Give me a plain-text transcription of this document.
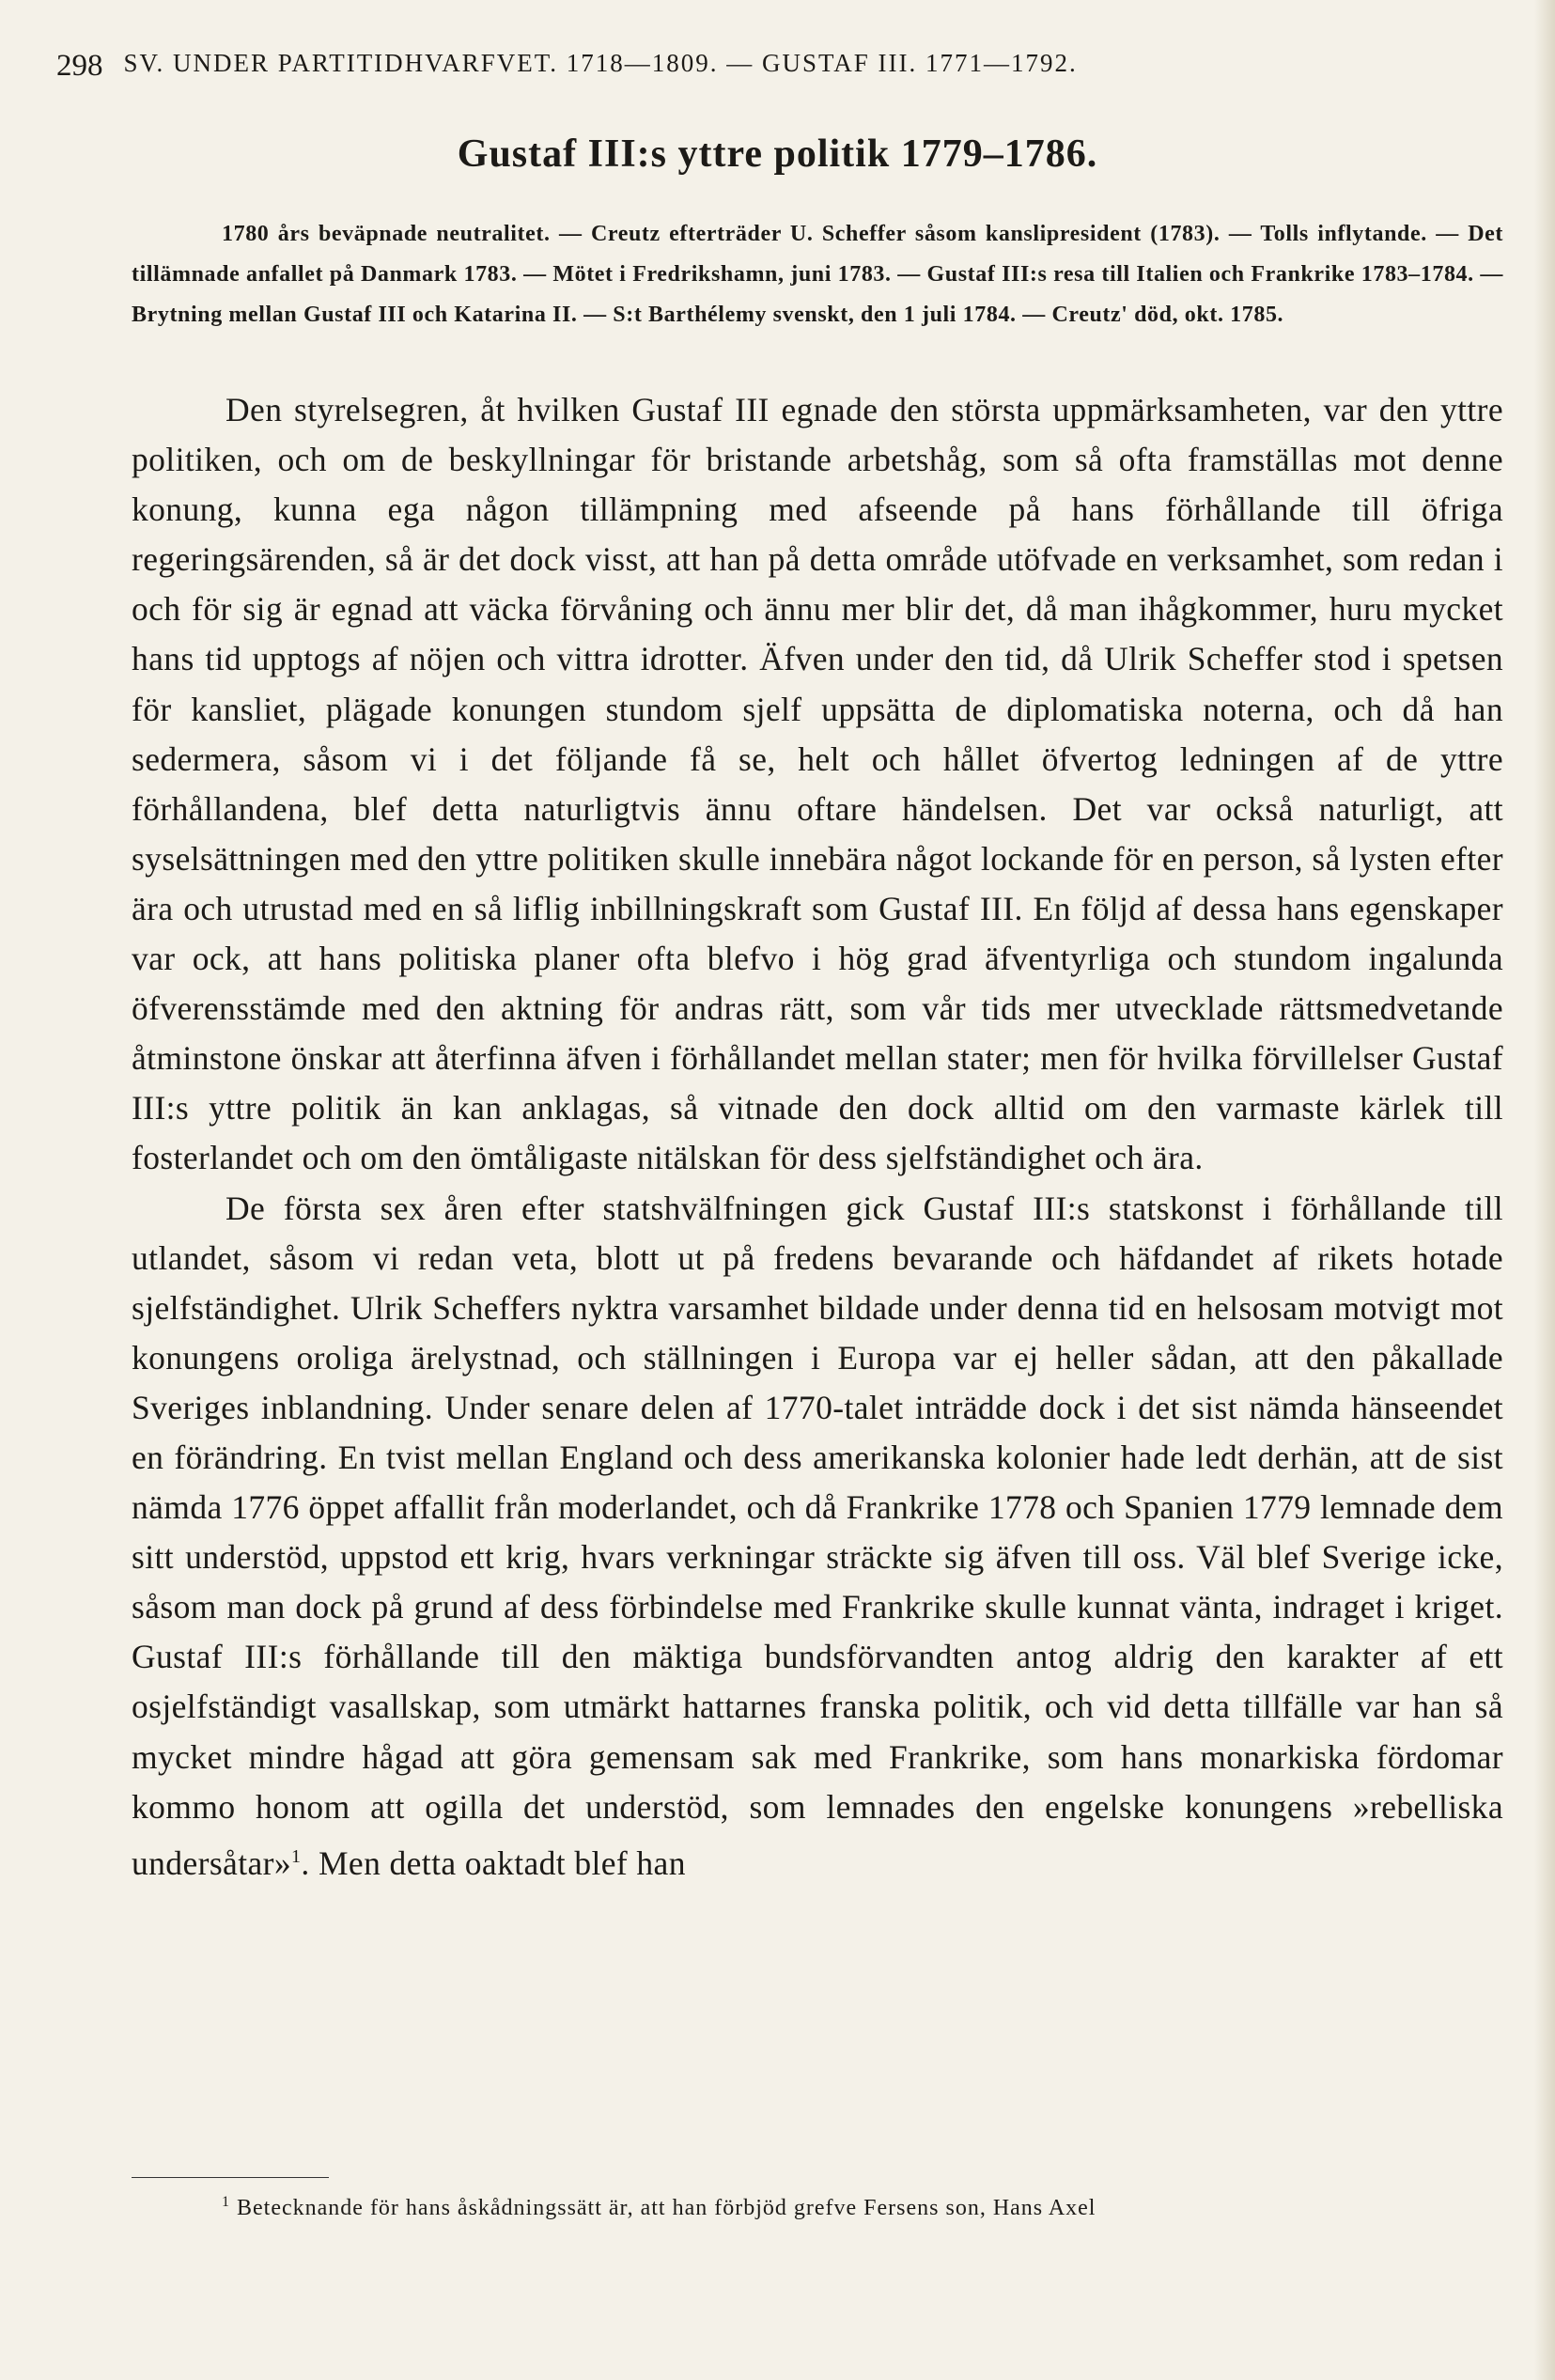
298 SV. UNDER PARTITIDHVARFVET. 1718—1809. — GUSTAF III. 1771—1792.
Gustaf III:s yttre politik 1779–1786.
1780 års beväpnade neutralitet. — Creutz efterträder U. Scheffer såsom kanslipresident (1783). — Tolls inflytande. — Det tillämnade anfallet på Danmark 1783. — Mötet i Fredrikshamn, juni 1783. — Gustaf III:s resa till Italien och Frankrike 1783–1784. — Brytning mellan Gustaf III och Katarina II. — S:t Barthélemy svenskt, den 1 juli 1784. — Creutz' död, okt. 1785.

Den styrelsegren, åt hvilken Gustaf III egnade den största uppmärksamheten, var den yttre politiken, och om de beskyllningar för bristande arbetshåg, som så ofta framställas mot denne konung, kunna ega någon tillämpning med afseende på hans förhållande till öfriga regeringsärenden, så är det dock visst, att han på detta område utöfvade en verksamhet, som redan i och för sig är egnad att väcka förvåning och ännu mer blir det, då man ihågkommer, huru mycket hans tid upptogs af nöjen och vittra idrotter. Äfven under den tid, då Ulrik Scheffer stod i spetsen för kansliet, plägade konungen stundom sjelf uppsätta de diplomatiska noterna, och då han sedermera, såsom vi i det följande få se, helt och hållet öfvertog ledningen af de yttre förhållandena, blef detta naturligtvis ännu oftare händelsen. Det var också naturligt, att syselsättningen med den yttre politiken skulle innebära något lockande för en person, så lysten efter ära och utrustad med en så liflig inbillningskraft som Gustaf III. En följd af dessa hans egenskaper var ock, att hans politiska planer ofta blefvo i hög grad äfventyrliga och stundom ingalunda öfverensstämde med den aktning för andras rätt, som vår tids mer utvecklade rättsmedvetande åtminstone önskar att återfinna äfven i förhållandet mellan stater; men för hvilka förvillelser Gustaf III:s yttre politik än kan anklagas, så vitnade den dock alltid om den varmaste kärlek till fosterlandet och om den ömtåligaste nitälskan för dess sjelfständighet och ära.

De första sex åren efter statshvälfningen gick Gustaf III:s statskonst i förhållande till utlandet, såsom vi redan veta, blott ut på fredens bevarande och häfdandet af rikets hotade sjelfständighet. Ulrik Scheffers nyktra varsamhet bildade under denna tid en helsosam motvigt mot konungens oroliga ärelystnad, och ställningen i Europa var ej heller sådan, att den påkallade Sveriges inblandning. Under senare delen af 1770-talet inträdde dock i det sist nämda hänseendet en förändring. En tvist mellan England och dess amerikanska kolonier hade ledt derhän, att de sist nämda 1776 öppet affallit från moderlandet, och då Frankrike 1778 och Spanien 1779 lemnade dem sitt understöd, uppstod ett krig, hvars verkningar sträckte sig äfven till oss. Väl blef Sverige icke, såsom man dock på grund af dess förbindelse med Frankrike skulle kunnat vänta, indraget i kriget. Gustaf III:s förhållande till den mäktiga bundsförvandten antog aldrig den karakter af ett osjelfständigt vasallskap, som utmärkt hattarnes franska politik, och vid detta tillfälle var han så mycket mindre hågad att göra gemensam sak med Frankrike, som hans monarkiska fördomar kommo honom att ogilla det understöd, som lemnades den engelske konungens »rebelliska undersåtar»$^1$. Men detta oaktadt blef han

$^1$ Betecknande för hans åskådningssätt är, att han förbjöd grefve Fersens son, Hans Axel
